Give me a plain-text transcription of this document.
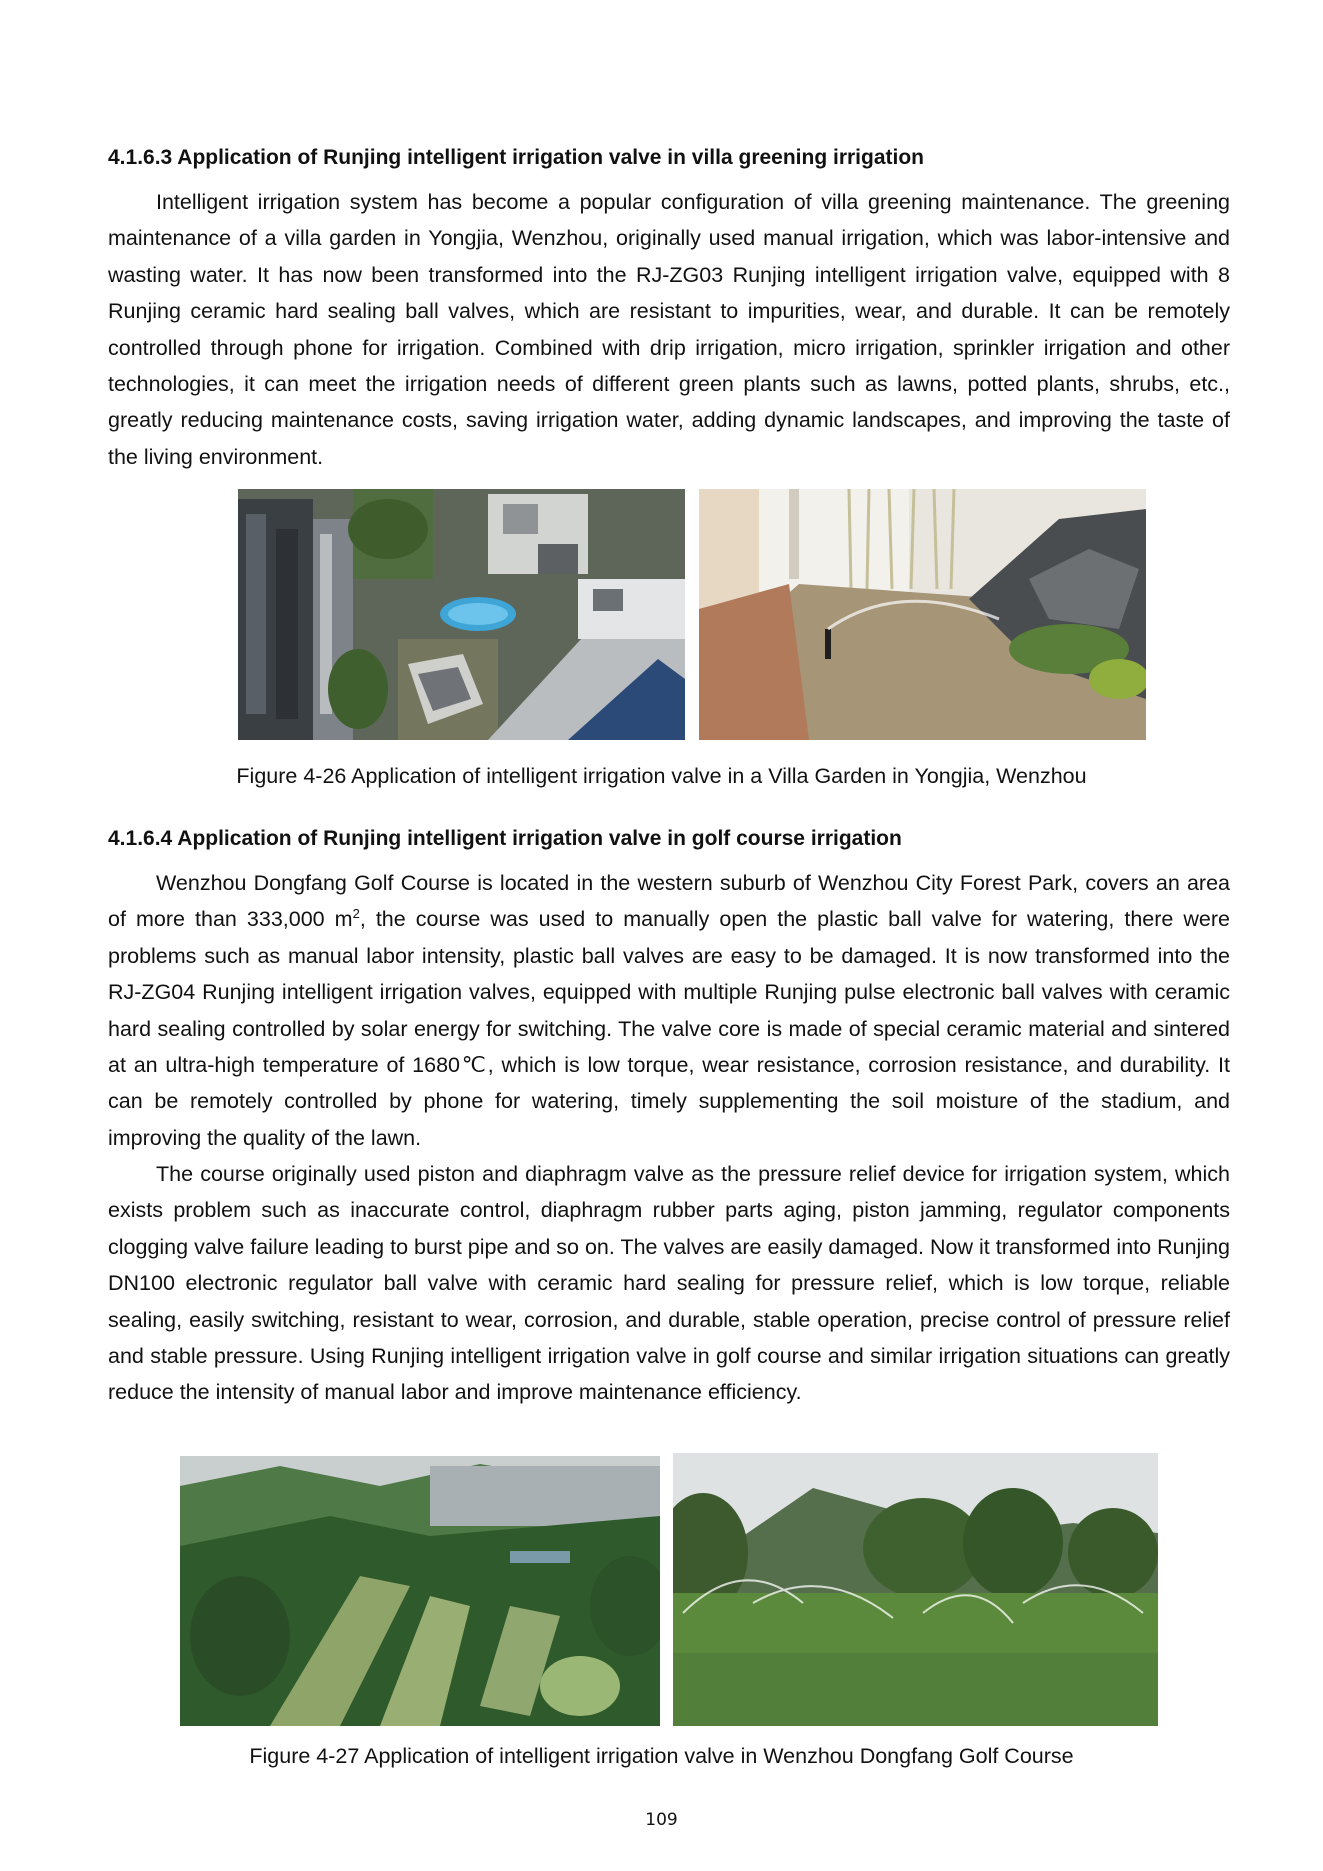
4.1.6.3 Application of Runjing intelligent irrigation valve in villa greening irrigation

Intelligent irrigation system has become a popular configuration of villa greening maintenance. The greening maintenance of a villa garden in Yongjia, Wenzhou, originally used manual irrigation, which was labor-intensive and wasting water. It has now been transformed into the RJ-ZG03 Runjing intelligent irrigation valve, equipped with 8 Runjing ceramic hard sealing ball valves, which are resistant to impurities, wear, and durable. It can be remotely controlled through phone for irrigation. Combined with drip irrigation, micro irrigation, sprinkler irrigation and other technologies, it can meet the irrigation needs of different green plants such as lawns, potted plants, shrubs, etc., greatly reducing maintenance costs, saving irrigation water, adding dynamic landscapes, and improving the taste of the living environment.

Figure 4-26 Application of intelligent irrigation valve in a Villa Garden in Yongjia, Wenzhou

4.1.6.4 Application of Runjing intelligent irrigation valve in golf course irrigation

Wenzhou Dongfang Golf Course is located in the western suburb of Wenzhou City Forest Park, covers an area of more than 333,000 $m^2$, the course was used to manually open the plastic ball valve for watering, there were problems such as manual labor intensity, plastic ball valves are easy to be damaged. It is now transformed into the RJ-ZG04 Runjing intelligent irrigation valves, equipped with multiple Runjing pulse electronic ball valves with ceramic hard sealing controlled by solar energy for switching. The valve core is made of special ceramic material and sintered at an ultra-high temperature of 1680℃, which is low torque, wear resistance, corrosion resistance, and durability. It can be remotely controlled by phone for watering, timely supplementing the soil moisture of the stadium, and improving the quality of the lawn.

The course originally used piston and diaphragm valve as the pressure relief device for irrigation system, which exists problem such as inaccurate control, diaphragm rubber parts aging, piston jamming, regulator components clogging valve failure leading to burst pipe and so on. The valves are easily damaged. Now it transformed into Runjing DN100 electronic regulator ball valve with ceramic hard sealing for pressure relief, which is low torque, reliable sealing, easily switching, resistant to wear, corrosion, and durable, stable operation, precise control of pressure relief and stable pressure. Using Runjing intelligent irrigation valve in golf course and similar irrigation situations can greatly reduce the intensity of manual labor and improve maintenance efficiency.

Figure 4-27 Application of intelligent irrigation valve in Wenzhou Dongfang Golf Course

109
